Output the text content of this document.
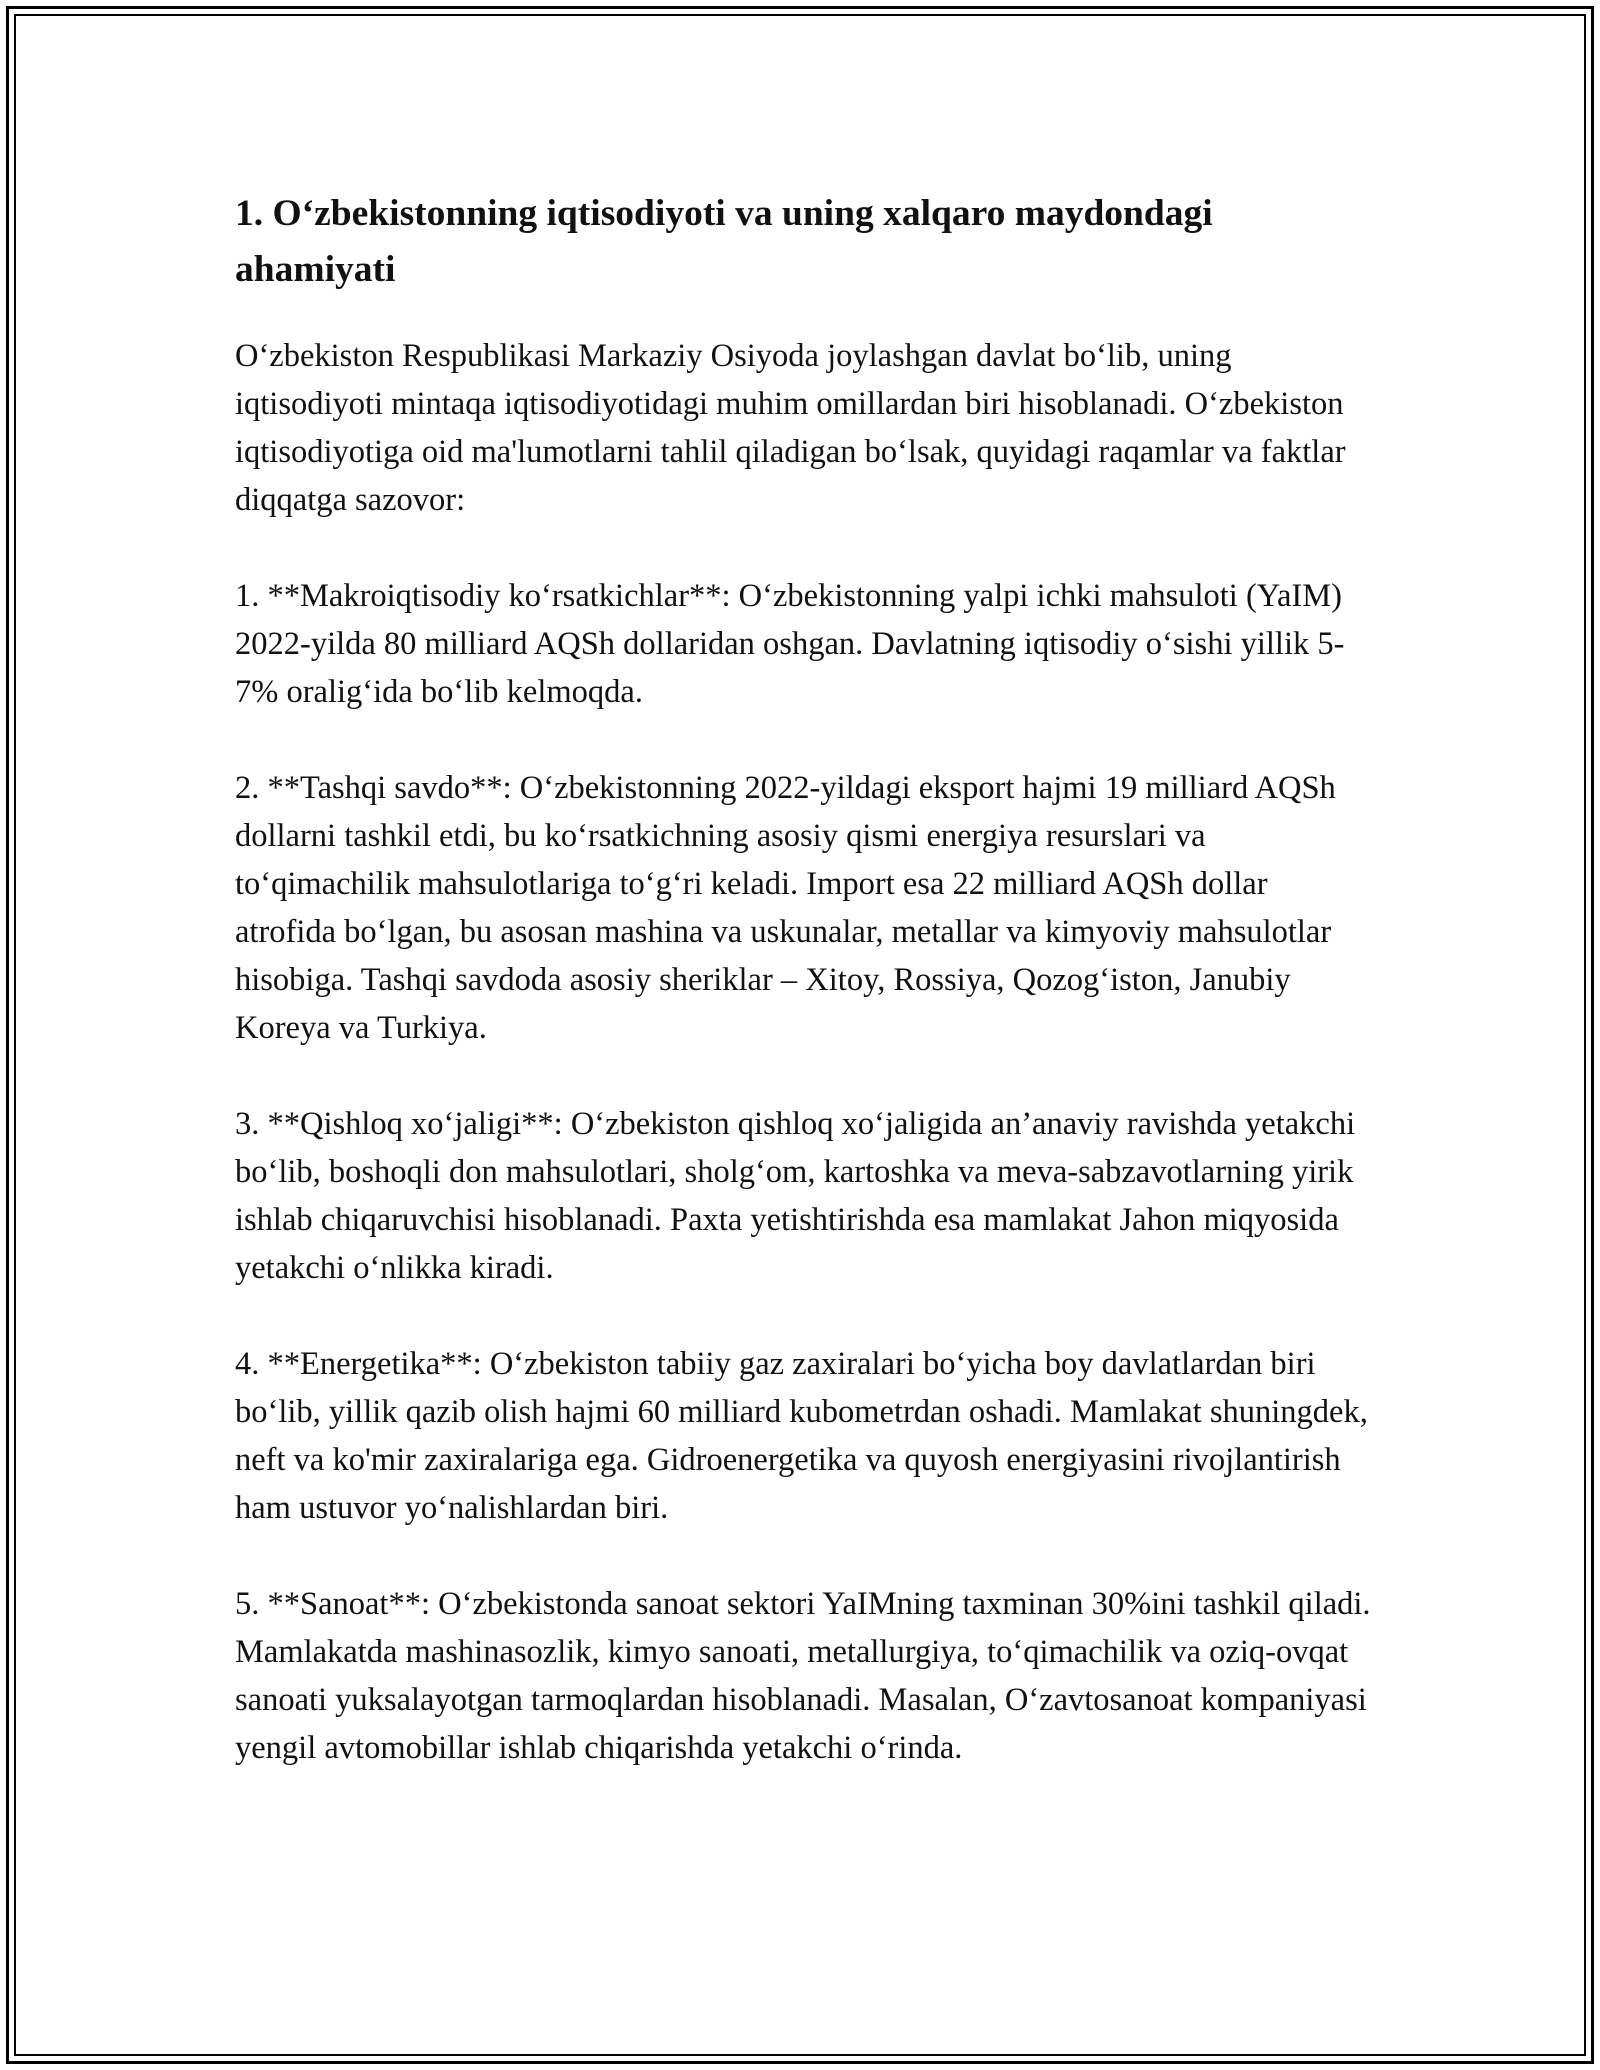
1. O‘zbekistonning iqtisodiyoti va uning xalqaro maydondagi ahamiyati

O‘zbekiston Respublikasi Markaziy Osiyoda joylashgan davlat bo‘lib, uning iqtisodiyoti mintaqa iqtisodiyotidagi muhim omillardan biri hisoblanadi. O‘zbekiston iqtisodiyotiga oid ma'lumotlarni tahlil qiladigan bo‘lsak, quyidagi raqamlar va faktlar diqqatga sazovor:

1. **Makroiqtisodiy ko‘rsatkichlar**: O‘zbekistonning yalpi ichki mahsuloti (YaIM) 2022-yilda 80 milliard AQSh dollaridan oshgan. Davlatning iqtisodiy o‘sishi yillik 5-7% oralig‘ida bo‘lib kelmoqda.

2. **Tashqi savdo**: O‘zbekistonning 2022-yildagi eksport hajmi 19 milliard AQSh dollarni tashkil etdi, bu ko‘rsatkichning asosiy qismi energiya resurslari va to‘qimachilik mahsulotlariga to‘g‘ri keladi. Import esa 22 milliard AQSh dollar atrofida bo‘lgan, bu asosan mashina va uskunalar, metallar va kimyoviy mahsulotlar hisobiga. Tashqi savdoda asosiy sheriklar – Xitoy, Rossiya, Qozog‘iston, Janubiy Koreya va Turkiya.

3. **Qishloq xo‘jaligi**: O‘zbekiston qishloq xo‘jaligida an’anaviy ravishda yetakchi bo‘lib, boshoqli don mahsulotlari, sholg‘om, kartoshka va meva-sabzavotlarning yirik ishlab chiqaruvchisi hisoblanadi. Paxta yetishtirishda esa mamlakat Jahon miqyosida yetakchi o‘nlikka kiradi.

4. **Energetika**: O‘zbekiston tabiiy gaz zaxiralari bo‘yicha boy davlatlardan biri bo‘lib, yillik qazib olish hajmi 60 milliard kubometrdan oshadi. Mamlakat shuningdek, neft va ko'mir zaxiralariga ega. Gidroenergetika va quyosh energiyasini rivojlantirish ham ustuvor yo‘nalishlardan biri.

5. **Sanoat**: O‘zbekistonda sanoat sektori YaIMning taxminan 30%ini tashkil qiladi. Mamlakatda mashinasozlik, kimyo sanoati, metallurgiya, to‘qimachilik va oziq-ovqat sanoati yuksalayotgan tarmoqlardan hisoblanadi. Masalan, O‘zavtosanoat kompaniyasi yengil avtomobillar ishlab chiqarishda yetakchi o‘rinda.
